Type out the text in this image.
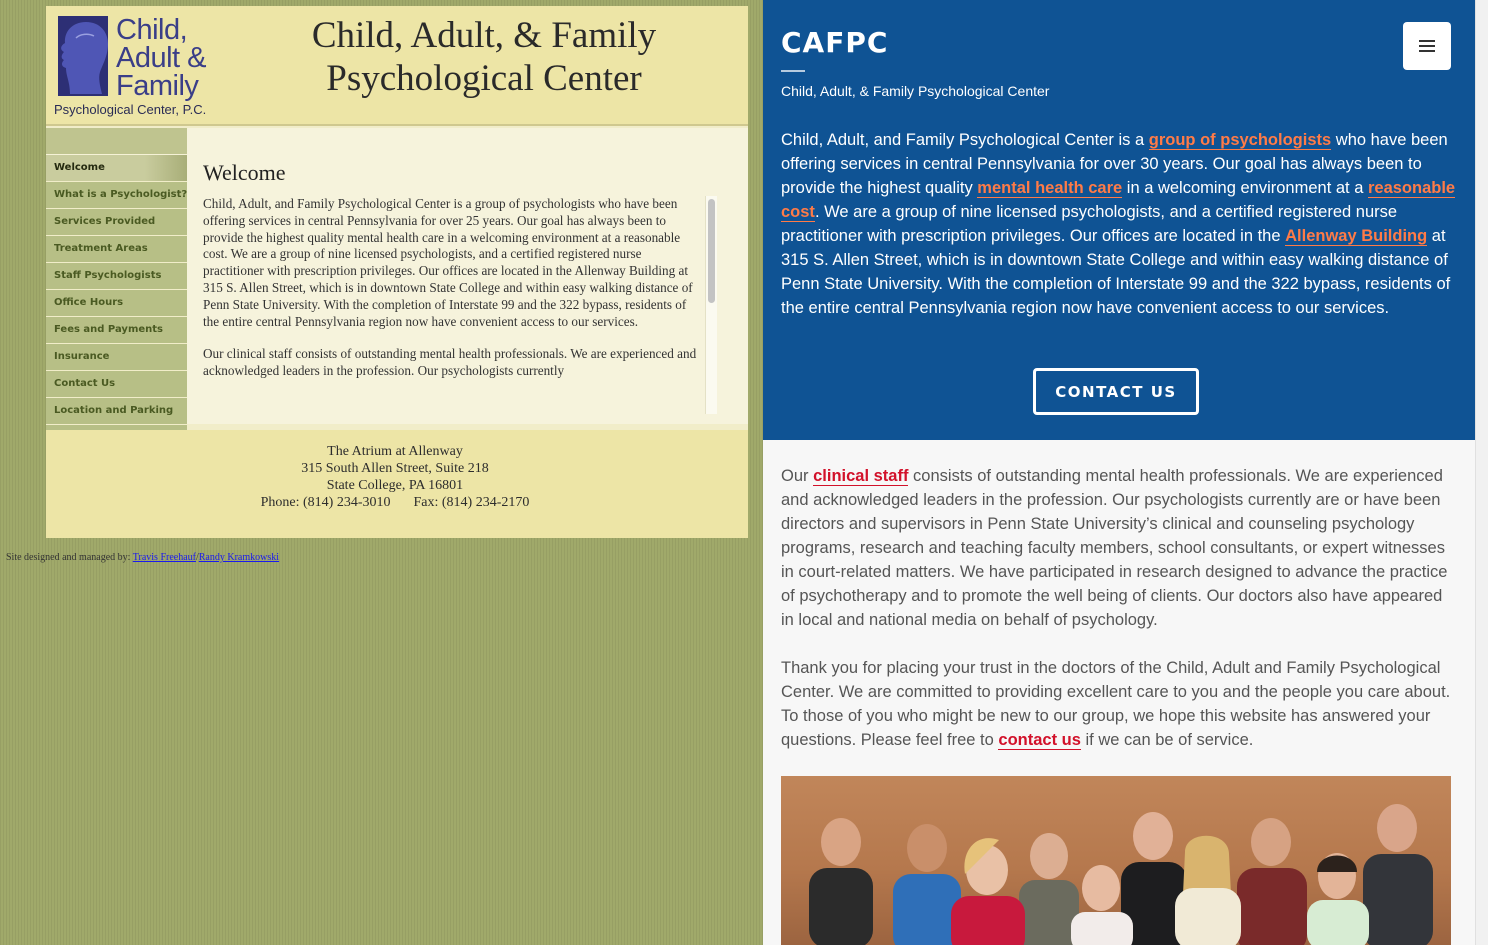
Child,
Adult &
Family
Psychological Center, P.C.
Child, Adult, & Family
Psychological Center
Welcome
What is a Psychologist?
Services Provided
Treatment Areas
Staff Psychologists
Office Hours
Fees and Payments
Insurance
Contact Us
Location and Parking
Welcome

Child, Adult, and Family Psychological Center is a group of psychologists who have been offering services in central Pennsylvania for over 25 years. Our goal has always been to provide the highest quality mental health care in a welcoming environment at a reasonable cost. We are a group of nine licensed psychologists, and a certified registered nurse practitioner with prescription privileges. Our offices are located in the Allenway Building at 315 S. Allen Street, which is in downtown State College and within easy walking distance of Penn State University. With the completion of Interstate 99 and the 322 bypass, residents of the entire central Pennsylvania region now have convenient access to our services.

Our clinical staff consists of outstanding mental health professionals. We are experienced and acknowledged leaders in the profession. Our psychologists currently

The Atrium at Allenway
315 South Allen Street, Suite 218
State College, PA 16801
Phone: (814) 234-3010 Fax: (814) 234-2170
Site designed and managed by: Travis Freehauf/Randy Kramkowski
CAFPC
Child, Adult, & Family Psychological Center

Child, Adult, and Family Psychological Center is a group of psychologists who have been offering services in central Pennsylvania for over 30 years. Our goal has always been to provide the highest quality mental health care in a welcoming environment at a reasonable cost. We are a group of nine licensed psychologists, and a certified registered nurse practitioner with prescription privileges. Our offices are located in the Allenway Building at 315 S. Allen Street, which is in downtown State College and within easy walking distance of Penn State University. With the completion of Interstate 99 and the 322 bypass, residents of the entire central Pennsylvania region now have convenient access to our services.

CONTACT US

Our clinical staff consists of outstanding mental health professionals. We are experienced and acknowledged leaders in the profession. Our psychologists currently are or have been directors and supervisors in Penn State University’s clinical and counseling psychology programs, research and teaching faculty members, school consultants, or expert witnesses in court-related matters. We have participated in research designed to advance the practice of psychotherapy and to promote the well being of clients. Our doctors also have appeared in local and national media on behalf of psychology.

Thank you for placing your trust in the doctors of the Child, Adult and Family Psychological Center. We are committed to providing excellent care to you and the people you care about. To those of you who might be new to our group, we hope this website has answered your questions. Please feel free to contact us if we can be of service.
